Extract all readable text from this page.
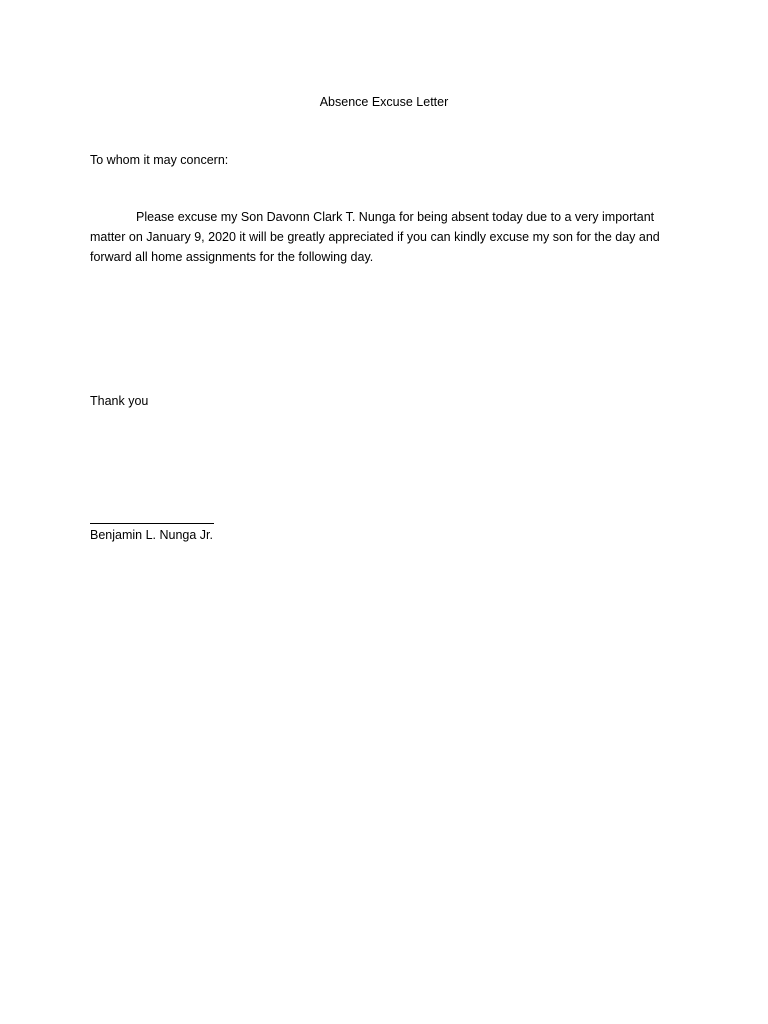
Absence Excuse Letter
To whom it may concern:
Please excuse my Son Davonn Clark T. Nunga for being absent today due to a very important matter on January 9, 2020 it will be greatly appreciated if you can kindly excuse my son for the day and forward all home assignments for the following day.
Thank you
Benjamin L. Nunga Jr.
